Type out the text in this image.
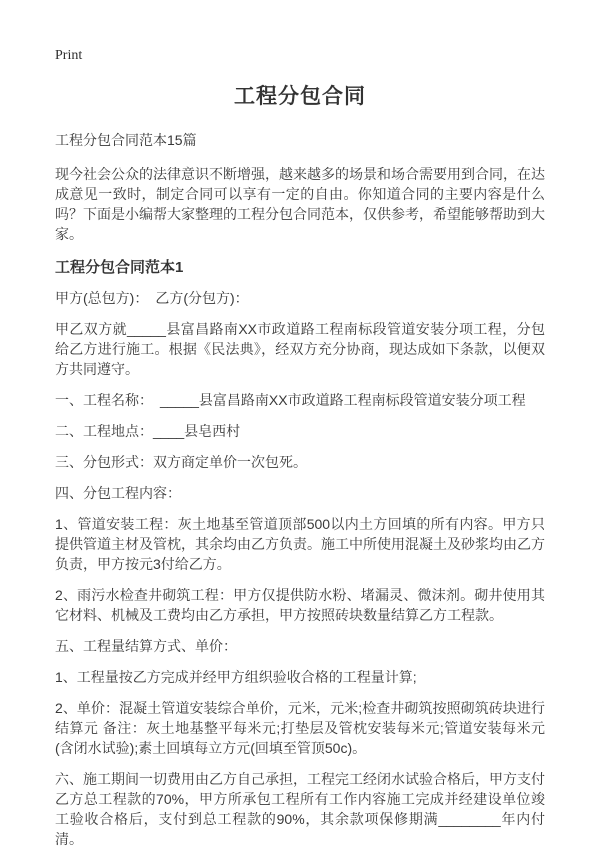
Print
工程分包合同

工程分包合同范本15篇

现今社会公众的法律意识不断增强，越来越多的场景和场合需要用到合同，在达成意见一致时，制定合同可以享有一定的自由。你知道合同的主要内容是什么吗？下面是小编帮大家整理的工程分包合同范本，仅供参考，希望能够帮助到大家。

工程分包合同范本1

甲方(总包方)：　乙方(分包方)：

甲乙双方就_____县富昌路南XX市政道路工程南标段管道安装分项工程，分包给乙方进行施工。根据《民法典》，经双方充分协商，现达成如下条款，以便双方共同遵守。

一、工程名称：　_____县富昌路南XX市政道路工程南标段管道安装分项工程

二、工程地点：____县皂西村

三、分包形式：双方商定单价一次包死。

四、分包工程内容：

1、管道安装工程：灰土地基至管道顶部500以内土方回填的所有内容。甲方只提供管道主材及管枕，其余均由乙方负责。施工中所使用混凝土及砂浆均由乙方负责，甲方按元3付给乙方。

2、雨污水检查井砌筑工程：甲方仅提供防水粉、堵漏灵、微沫剂。砌井使用其它材料、机械及工费均由乙方承担，甲方按照砖块数量结算乙方工程款。

五、工程量结算方式、单价：

1、工程量按乙方完成并经甲方组织验收合格的工程量计算;

2、单价：混凝土管道安装综合单价，元米，元米;检查井砌筑按照砌筑砖块进行结算元 备注：灰土地基整平每米元;打垫层及管枕安装每米元;管道安装每米元(含闭水试验);素土回填每立方元(回填至管顶50c)。

六、施工期间一切费用由乙方自己承担，工程完工经闭水试验合格后，甲方支付乙方总工程款的70%，甲方所承包工程所有工作内容施工完成并经建设单位竣工验收合格后，支付到总工程款的90%，其余款项保修期满________年内付清。
